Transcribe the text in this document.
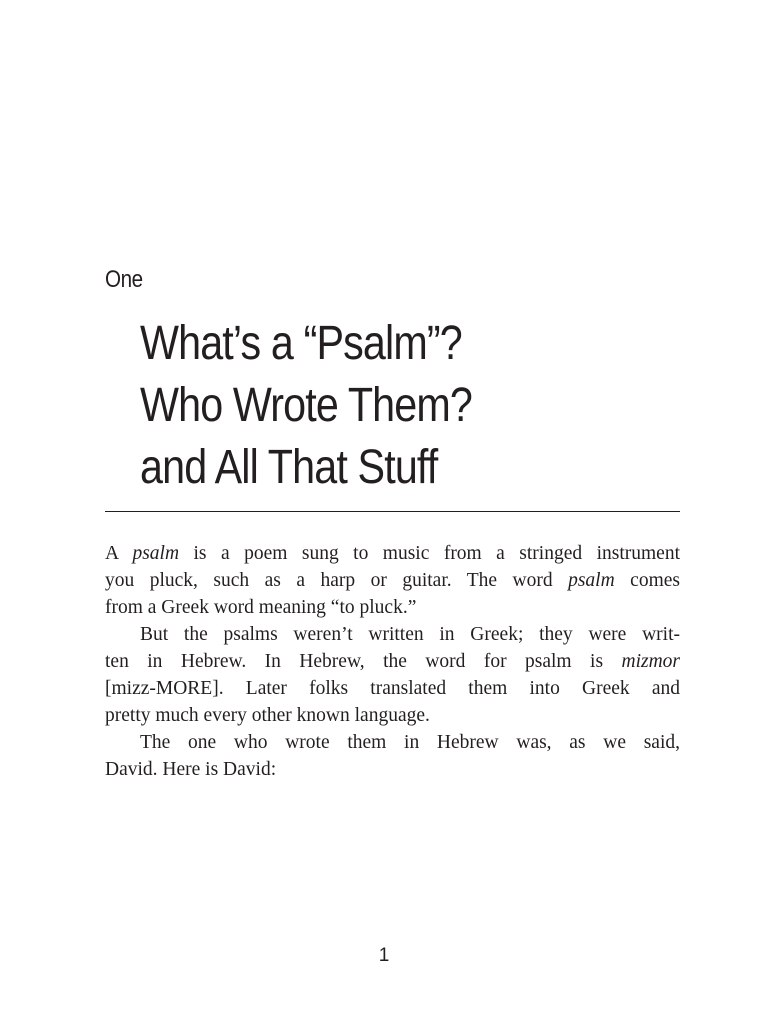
One
What’s a “Psalm”?
Who Wrote Them?
and All That Stuff

A psalm is a poem sung to music from a stringed instrument
you pluck, such as a harp or guitar. The word psalm comes
from a Greek word meaning “to pluck.”

But the psalms weren’t written in Greek; they were writ-
ten in Hebrew. In Hebrew, the word for psalm is mizmor
[mizz-MORE]. Later folks translated them into Greek and
pretty much every other known language.

The one who wrote them in Hebrew was, as we said,
David. Here is David:

1
